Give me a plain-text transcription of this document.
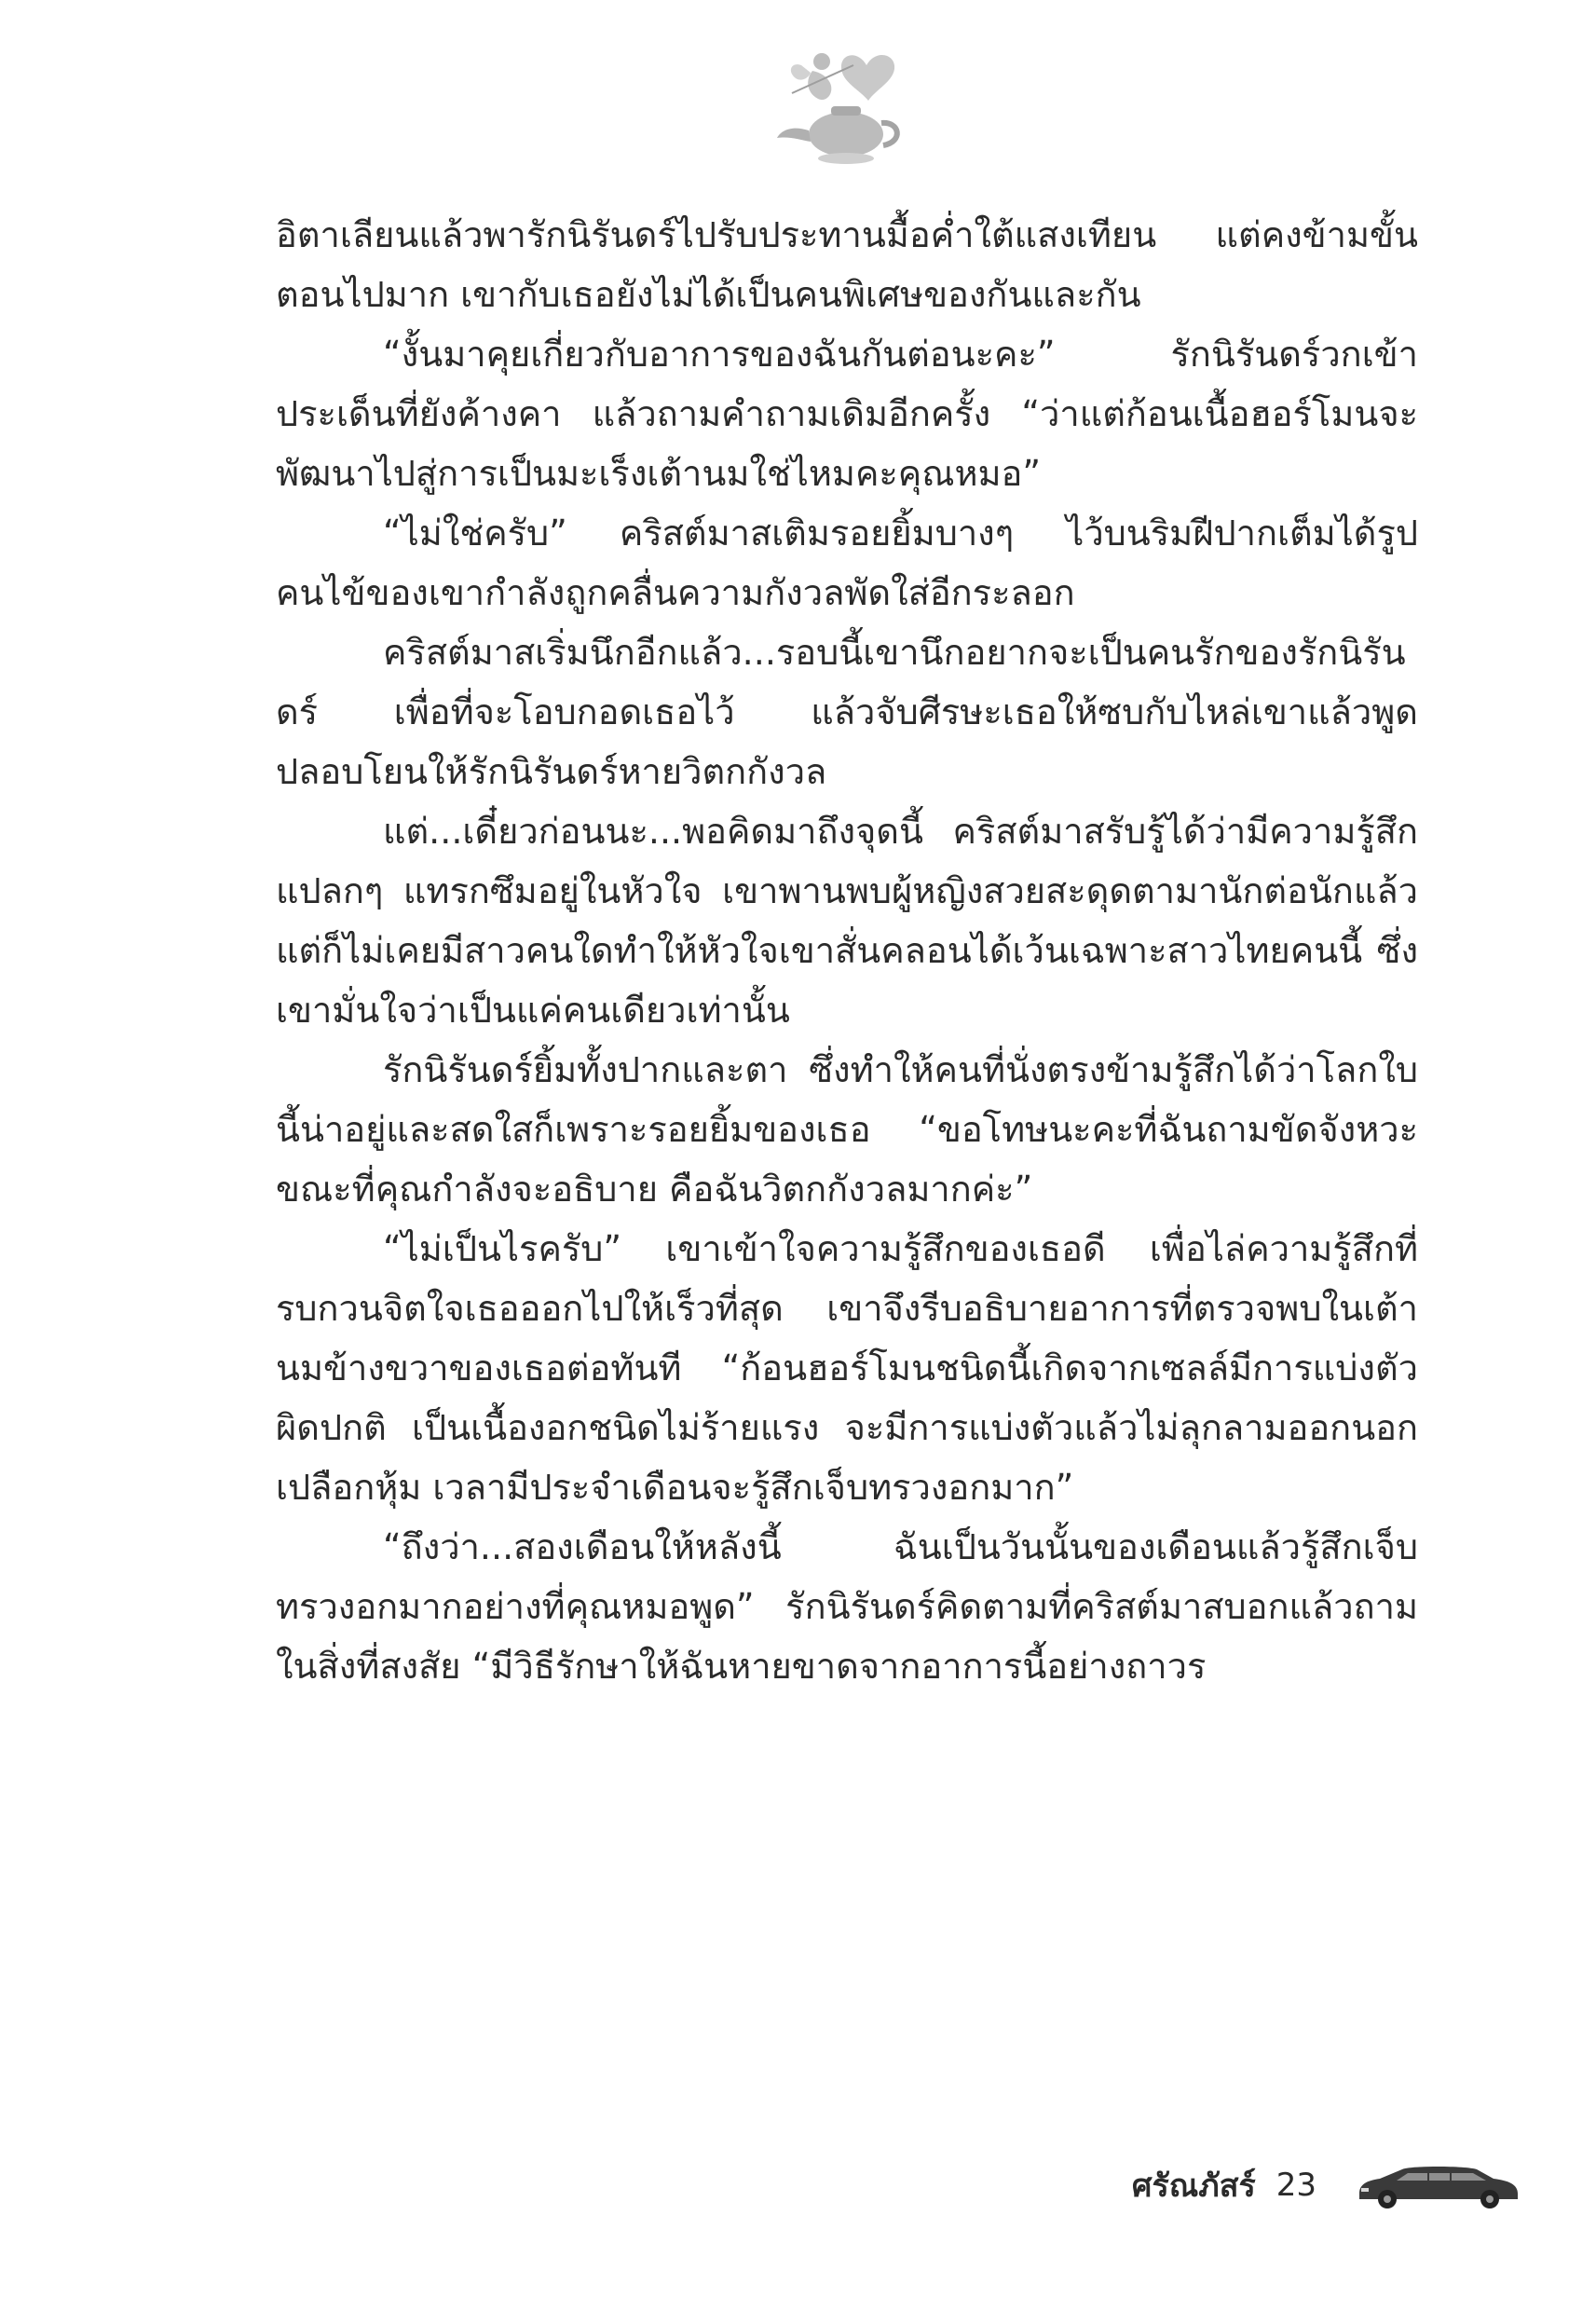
อิตาเลียนแล้วพารักนิรันดร์ไปรับประทานมื้อค่ำใต้แสงเทียน แต่คงข้ามขั้นตอนไปมาก เขากับเธอยังไม่ได้เป็นคนพิเศษของกันและกัน

“งั้นมาคุยเกี่ยวกับอาการของฉันกันต่อนะคะ” รักนิรันดร์วกเข้าประเด็นที่ยังค้างคา แล้วถามคำถามเดิมอีกครั้ง “ว่าแต่ก้อนเนื้อฮอร์โมนจะพัฒนาไปสู่การเป็นมะเร็งเต้านมใช่ไหมคะคุณหมอ”

“ไม่ใช่ครับ” คริสต์มาสเติมรอยยิ้มบางๆ ไว้บนริมฝีปากเต็มได้รูปคนไข้ของเขากำลังถูกคลื่นความกังวลพัดใส่อีกระลอก

คริสต์มาสเริ่มนึกอีกแล้ว...รอบนี้เขานึกอยากจะเป็นคนรักของรักนิรันดร์ เพื่อที่จะโอบกอดเธอไว้ แล้วจับศีรษะเธอให้ซบกับไหล่เขาแล้วพูดปลอบโยนให้รักนิรันดร์หายวิตกกังวล

แต่...เดี๋ยวก่อนนะ...พอคิดมาถึงจุดนี้ คริสต์มาสรับรู้ได้ว่ามีความรู้สึกแปลกๆ แทรกซึมอยู่ในหัวใจ เขาพานพบผู้หญิงสวยสะดุดตามานักต่อนักแล้ว แต่ก็ไม่เคยมีสาวคนใดทำให้หัวใจเขาสั่นคลอนได้เว้นเฉพาะสาวไทยคนนี้ ซึ่งเขามั่นใจว่าเป็นแค่คนเดียวเท่านั้น

รักนิรันดร์ยิ้มทั้งปากและตา ซึ่งทำให้คนที่นั่งตรงข้ามรู้สึกได้ว่าโลกใบนี้น่าอยู่และสดใสก็เพราะรอยยิ้มของเธอ “ขอโทษนะคะที่ฉันถามขัดจังหวะขณะที่คุณกำลังจะอธิบาย คือฉันวิตกกังวลมากค่ะ”

“ไม่เป็นไรครับ” เขาเข้าใจความรู้สึกของเธอดี เพื่อไล่ความรู้สึกที่รบกวนจิตใจเธอออกไปให้เร็วที่สุด เขาจึงรีบอธิบายอาการที่ตรวจพบในเต้านมข้างขวาของเธอต่อทันที “ก้อนฮอร์โมนชนิดนี้เกิดจากเซลล์มีการแบ่งตัวผิดปกติ เป็นเนื้องอกชนิดไม่ร้ายแรง จะมีการแบ่งตัวแล้วไม่ลุกลามออกนอกเปลือกหุ้ม เวลามีประจำเดือนจะรู้สึกเจ็บทรวงอกมาก”

“ถึงว่า...สองเดือนให้หลังนี้ ฉันเป็นวันนั้นของเดือนแล้วรู้สึกเจ็บทรวงอกมากอย่างที่คุณหมอพูด” รักนิรันดร์คิดตามที่คริสต์มาสบอกแล้วถามในสิ่งที่สงสัย “มีวิธีรักษาให้ฉันหายขาดจากอาการนี้อย่างถาวร

ศรัณภัสร์ 23
